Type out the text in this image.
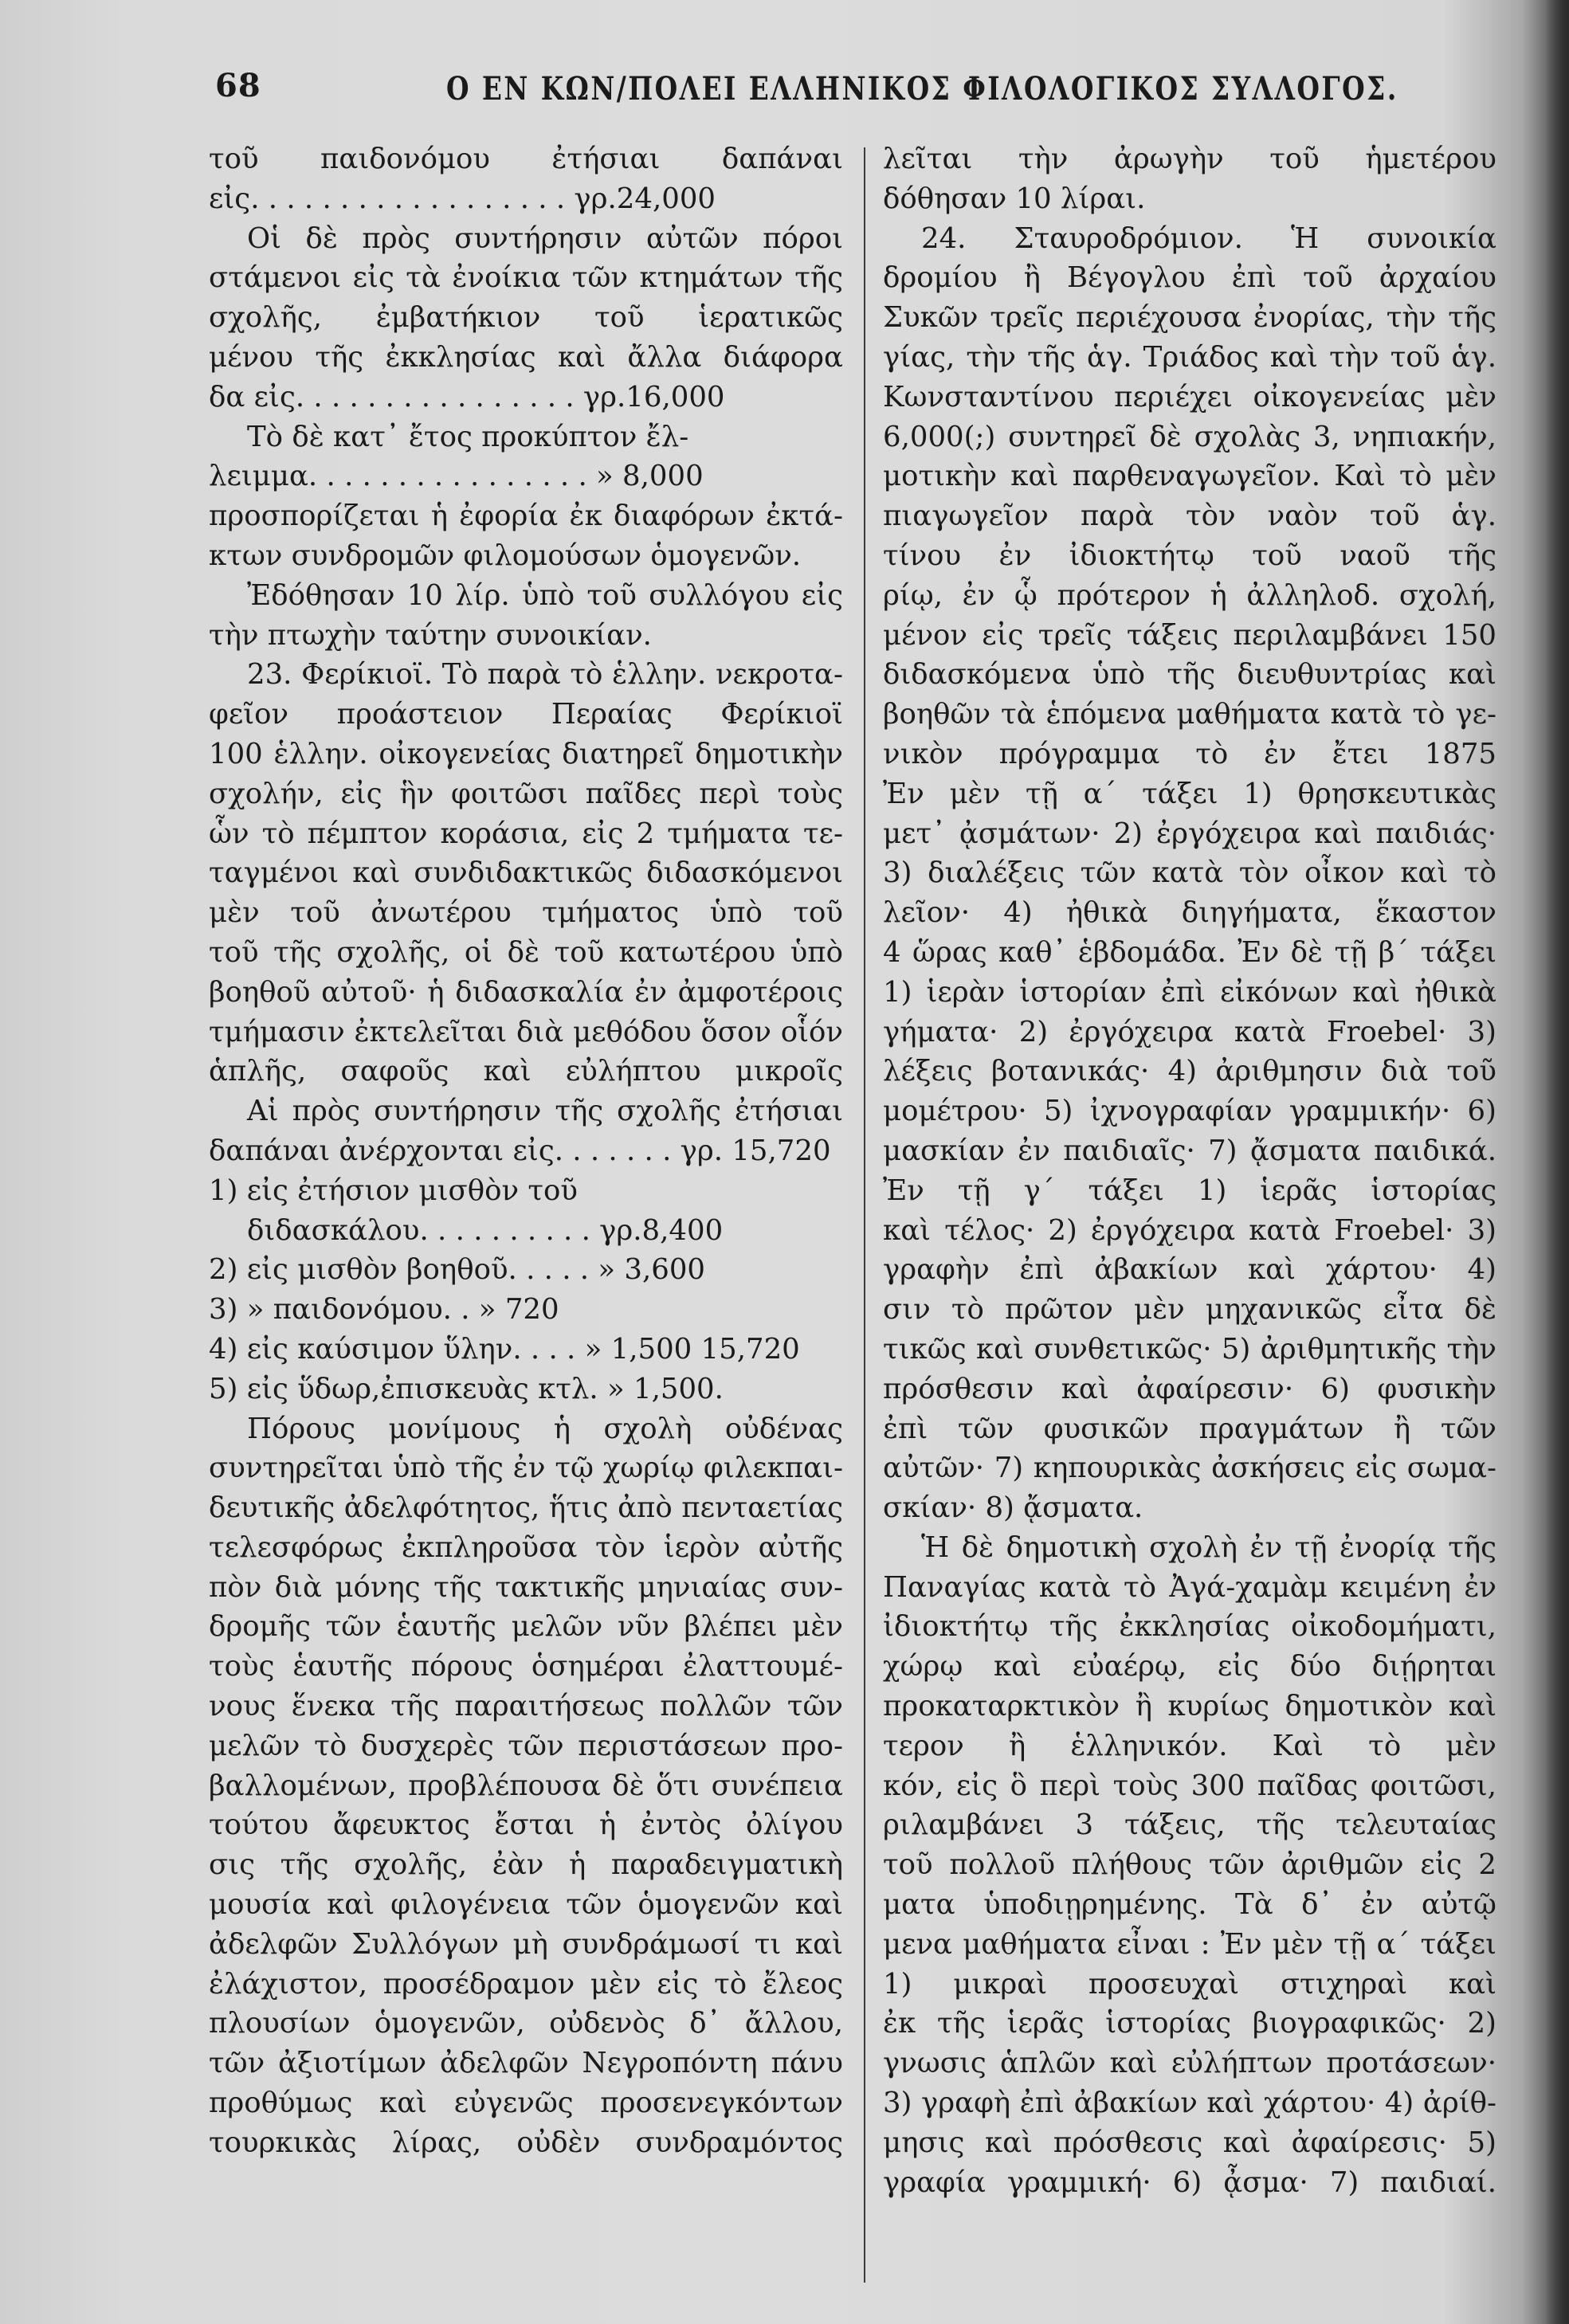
68	Ο ΕΝ ΚΩΝ/ΠΟΛΕΙ ΕΛΛΗΝΙΚΟΣ ΦΙΛΟΛΟΓΙΚΟΣ ΣΥΛΛΟΓΟΣ.
τοῦ παιδονόμου ἐτήσιαι δαπάναι
εἰς. . . . . . . . . . . . . . . . . . γρ.24,000
Οἱ δὲ πρὸς συντήρησιν αὐτῶν πόροι
στάμενοι εἰς τὰ ἐνοίκια τῶν κτημάτων τῆς
σχολῆς, ἐμβατήκιον τοῦ ἱερατικῶς
μένου τῆς ἐκκλησίας καὶ ἄλλα διάφορα
δα εἰς. . . . . . . . . . . . . . . . γρ.16,000
Τὸ δὲ κατ᾽ ἔτος προκύπτον ἔλ-
λειμμα. . . . . . . . . . . . . . . . » 8,000
προσπορίζεται ἡ ἐφορία ἐκ διαφόρων ἐκτά-
κτων συνδρομῶν φιλομούσων ὁμογενῶν.
Ἐδόθησαν 10 λίρ. ὑπὸ τοῦ συλλόγου εἰς
τὴν πτωχὴν ταύτην συνοικίαν.
23. Φερίκιοϊ. Τὸ παρὰ τὸ ἑλλην. νεκροτα-
φεῖον προάστειον Περαίας Φερίκιοϊ
100 ἑλλην. οἰκογενείας διατηρεῖ δημοτικὴν
σχολήν, εἰς ἣν φοιτῶσι παῖδες περὶ τοὺς
ὧν τὸ πέμπτον κοράσια, εἰς 2 τμήματα τε-
ταγμένοι καὶ συνδιδακτικῶς διδασκόμενοι
μὲν τοῦ ἀνωτέρου τμήματος ὑπὸ τοῦ
τοῦ τῆς σχολῆς, οἱ δὲ τοῦ κατωτέρου ὑπὸ
βοηθοῦ αὐτοῦ· ἡ διδασκαλία ἐν ἀμφοτέροις
τμήμασιν ἐκτελεῖται διὰ μεθόδου ὅσον οἷόν
ἁπλῆς, σαφοῦς καὶ εὐλήπτου μικροῖς
Αἱ πρὸς συντήρησιν τῆς σχολῆς ἐτήσιαι
δαπάναι ἀνέρχονται εἰς. . . . . . . γρ. 15,720
1) εἰς ἐτήσιον μισθὸν τοῦ
διδασκάλου. . . . . . . . . . γρ.8,400
2) εἰς μισθὸν βοηθοῦ. . . . . » 3,600
3) » παιδονόμου. . » 720
4) εἰς καύσιμον ὕλην. . . . » 1,500 15,720
5) εἰς ὕδωρ,ἐπισκευὰς κτλ. » 1,500.
Πόρους μονίμους ἡ σχολὴ οὐδένας
συντηρεῖται ὑπὸ τῆς ἐν τῷ χωρίῳ φιλεκπαι-
δευτικῆς ἀδελφότητος, ἥτις ἀπὸ πενταετίας
τελεσφόρως ἐκπληροῦσα τὸν ἱερὸν αὐτῆς
πὸν διὰ μόνης τῆς τακτικῆς μηνιαίας συν-
δρομῆς τῶν ἑαυτῆς μελῶν νῦν βλέπει μὲν
τοὺς ἑαυτῆς πόρους ὁσημέραι ἐλαττουμέ-
νους ἕνεκα τῆς παραιτήσεως πολλῶν τῶν
μελῶν τὸ δυσχερὲς τῶν περιστάσεων προ-
βαλλομένων, προβλέπουσα δὲ ὅτι συνέπεια
τούτου ἄφευκτος ἔσται ἡ ἐντὸς ὀλίγου
σις τῆς σχολῆς, ἐὰν ἡ παραδειγματικὴ
μουσία καὶ φιλογένεια τῶν ὁμογενῶν καὶ
ἀδελφῶν Συλλόγων μὴ συνδράμωσί τι καὶ
ἐλάχιστον, προσέδραμον μὲν εἰς τὸ ἔλεος
πλουσίων ὁμογενῶν, οὐδενὸς δ᾽ ἄλλου,
τῶν ἀξιοτίμων ἀδελφῶν Νεγροπόντη πάνυ
προθύμως καὶ εὐγενῶς προσενεγκόντων
τουρκικὰς λίρας, οὐδὲν συνδραμόντος
λεῖται τὴν ἀρωγὴν τοῦ ἡμετέρου
δόθησαν 10 λίραι.
24. Σταυροδρόμιον. Ἡ συνοικία
δρομίου ἢ Βέγογλου ἐπὶ τοῦ ἀρχαίου
Συκῶν τρεῖς περιέχουσα ἐνορίας, τὴν τῆς
γίας, τὴν τῆς ἁγ. Τριάδος καὶ τὴν τοῦ ἁγ.
Κωνσταντίνου περιέχει οἰκογενείας μὲν
6,000(;) συντηρεῖ δὲ σχολὰς 3, νηπιακήν,
μοτικὴν καὶ παρθεναγωγεῖον. Καὶ τὸ μὲν
πιαγωγεῖον παρὰ τὸν ναὸν τοῦ ἁγ.
τίνου ἐν ἰδιοκτήτῳ τοῦ ναοῦ τῆς
ρίῳ, ἐν ᾧ πρότερον ἡ ἀλληλοδ. σχολή,
μένον εἰς τρεῖς τάξεις περιλαμβάνει 150
διδασκόμενα ὑπὸ τῆς διευθυντρίας καὶ
βοηθῶν τὰ ἑπόμενα μαθήματα κατὰ τὸ γε-
νικὸν πρόγραμμα τὸ ἐν ἔτει 1875
Ἐν μὲν τῇ α´ τάξει 1) θρησκευτικὰς
μετ᾽ ᾀσμάτων· 2) ἐργόχειρα καὶ παιδιάς·
3) διαλέξεις τῶν κατὰ τὸν οἶκον καὶ τὸ
λεῖον· 4) ἠθικὰ διηγήματα, ἕκαστον
4 ὥρας καθ᾽ ἑβδομάδα. Ἐν δὲ τῇ β´ τάξει
1) ἱερὰν ἱστορίαν ἐπὶ εἰκόνων καὶ ἠθικὰ
γήματα· 2) ἐργόχειρα κατὰ Froebel· 3)
λέξεις βοτανικάς· 4) ἀριθμησιν διὰ τοῦ
μομέτρου· 5) ἰχνογραφίαν γραμμικήν· 6)
μασκίαν ἐν παιδιαῖς· 7) ᾄσματα παιδικά.
Ἐν τῇ γ´ τάξει 1) ἱερᾶς ἱστορίας
καὶ τέλος· 2) ἐργόχειρα κατὰ Froebel· 3)
γραφὴν ἐπὶ ἀβακίων καὶ χάρτου· 4)
σιν τὸ πρῶτον μὲν μηχανικῶς εἶτα δὲ
τικῶς καὶ συνθετικῶς· 5) ἀριθμητικῆς τὴν
πρόσθεσιν καὶ ἀφαίρεσιν· 6) φυσικὴν
ἐπὶ τῶν φυσικῶν πραγμάτων ἢ τῶν
αὐτῶν· 7) κηπουρικὰς ἀσκήσεις εἰς σωμα-
σκίαν· 8) ᾄσματα.
Ἡ δὲ δημοτικὴ σχολὴ ἐν τῇ ἐνορίᾳ τῆς
Παναγίας κατὰ τὸ Ἀγά-χαμὰμ κειμένη ἐν
ἰδιοκτήτῳ τῆς ἐκκλησίας οἰκοδομήματι,
χώρῳ καὶ εὐαέρῳ, εἰς δύο διῄρηται
προκαταρκτικὸν ἢ κυρίως δημοτικὸν καὶ
τερον ἢ ἑλληνικόν. Καὶ τὸ μὲν
κόν, εἰς ὃ περὶ τοὺς 300 παῖδας φοιτῶσι,
ριλαμβάνει 3 τάξεις, τῆς τελευταίας
τοῦ πολλοῦ πλήθους τῶν ἀριθμῶν εἰς 2
ματα ὑποδιῃρημένης. Τὰ δ᾽ ἐν αὐτῷ
μενα μαθήματα εἶναι : Ἐν μὲν τῇ α´ τάξει
1) μικραὶ προσευχαὶ στιχηραὶ καὶ
ἐκ τῆς ἱερᾶς ἱστορίας βιογραφικῶς· 2)
γνωσις ἁπλῶν καὶ εὐλήπτων προτάσεων·
3) γραφὴ ἐπὶ ἀβακίων καὶ χάρτου· 4) ἀρίθ-
μησις καὶ πρόσθεσις καὶ ἀφαίρεσις· 5)
γραφία γραμμική· 6) ᾆσμα· 7) παιδιαί.
